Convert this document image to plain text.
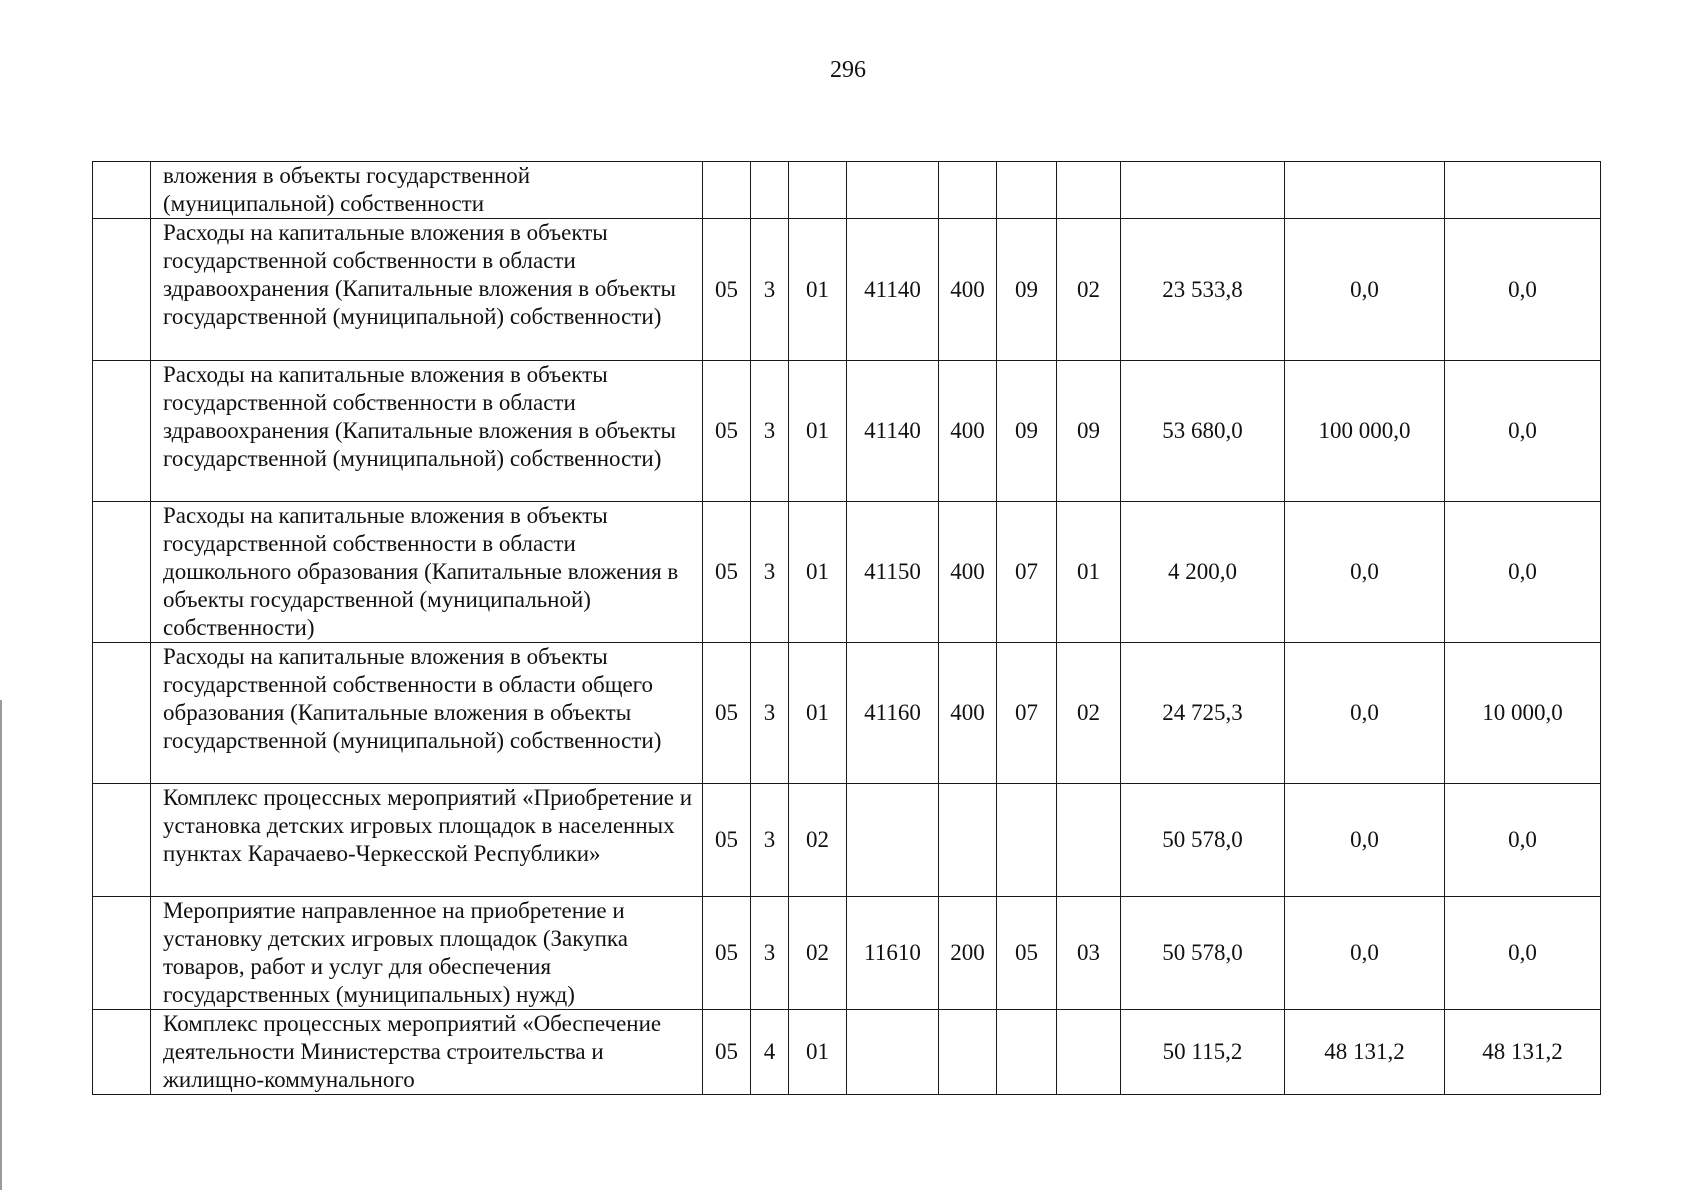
296
	вложения в объекты государственной (муниципальной) собственности										
	Расходы на капитальные вложения в объекты государственной собственности в области здравоохранения (Капитальные вложения в объекты государственной (муниципальной) собственности)	05	3	01	41140	400	09	02	23 533,8	0,0	0,0
	Расходы на капитальные вложения в объекты государственной собственности в области здравоохранения (Капитальные вложения в объекты государственной (муниципальной) собственности)	05	3	01	41140	400	09	09	53 680,0	100 000,0	0,0
	Расходы на капитальные вложения в объекты государственной собственности в области дошкольного образования (Капитальные вложения в объекты государственной (муниципальной) собственности)	05	3	01	41150	400	07	01	4 200,0	0,0	0,0
	Расходы на капитальные вложения в объекты государственной собственности в области общего образования (Капитальные вложения в объекты государственной (муниципальной) собственности)	05	3	01	41160	400	07	02	24 725,3	0,0	10 000,0
	Комплекс процессных мероприятий «Приобретение и установка детских игровых площадок в населенных пунктах Карачаево-Черкесской Республики»	05	3	02					50 578,0	0,0	0,0
	Мероприятие направленное на приобретение и установку детских игровых площадок (Закупка товаров, работ и услуг для обеспечения государственных (муниципальных) нужд)	05	3	02	11610	200	05	03	50 578,0	0,0	0,0
	Комплекс процессных мероприятий «Обеспечение деятельности Министерства строительства и жилищно-коммунального	05	4	01					50 115,2	48 131,2	48 131,2
